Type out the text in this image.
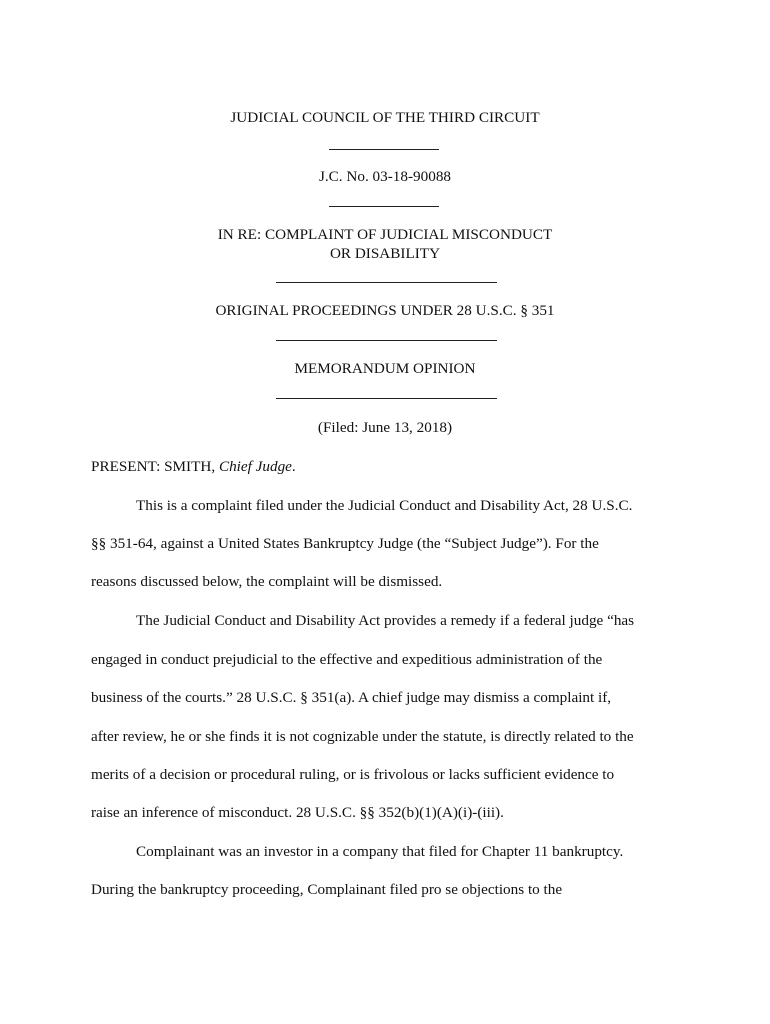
JUDICIAL COUNCIL OF THE THIRD CIRCUIT
J.C. No. 03-18-90088
IN RE: COMPLAINT OF JUDICIAL MISCONDUCT
OR DISABILITY
ORIGINAL PROCEEDINGS UNDER 28 U.S.C. § 351
MEMORANDUM OPINION
(Filed: June 13, 2018)
PRESENT: SMITH, Chief Judge.
This is a complaint filed under the Judicial Conduct and Disability Act, 28 U.S.C.
§§ 351-64, against a United States Bankruptcy Judge (the “Subject Judge”). For the
reasons discussed below, the complaint will be dismissed.
The Judicial Conduct and Disability Act provides a remedy if a federal judge “has
engaged in conduct prejudicial to the effective and expeditious administration of the
business of the courts.” 28 U.S.C. § 351(a). A chief judge may dismiss a complaint if,
after review, he or she finds it is not cognizable under the statute, is directly related to the
merits of a decision or procedural ruling, or is frivolous or lacks sufficient evidence to
raise an inference of misconduct. 28 U.S.C. §§ 352(b)(1)(A)(i)-(iii).
Complainant was an investor in a company that filed for Chapter 11 bankruptcy.
During the bankruptcy proceeding, Complainant filed pro se objections to the
